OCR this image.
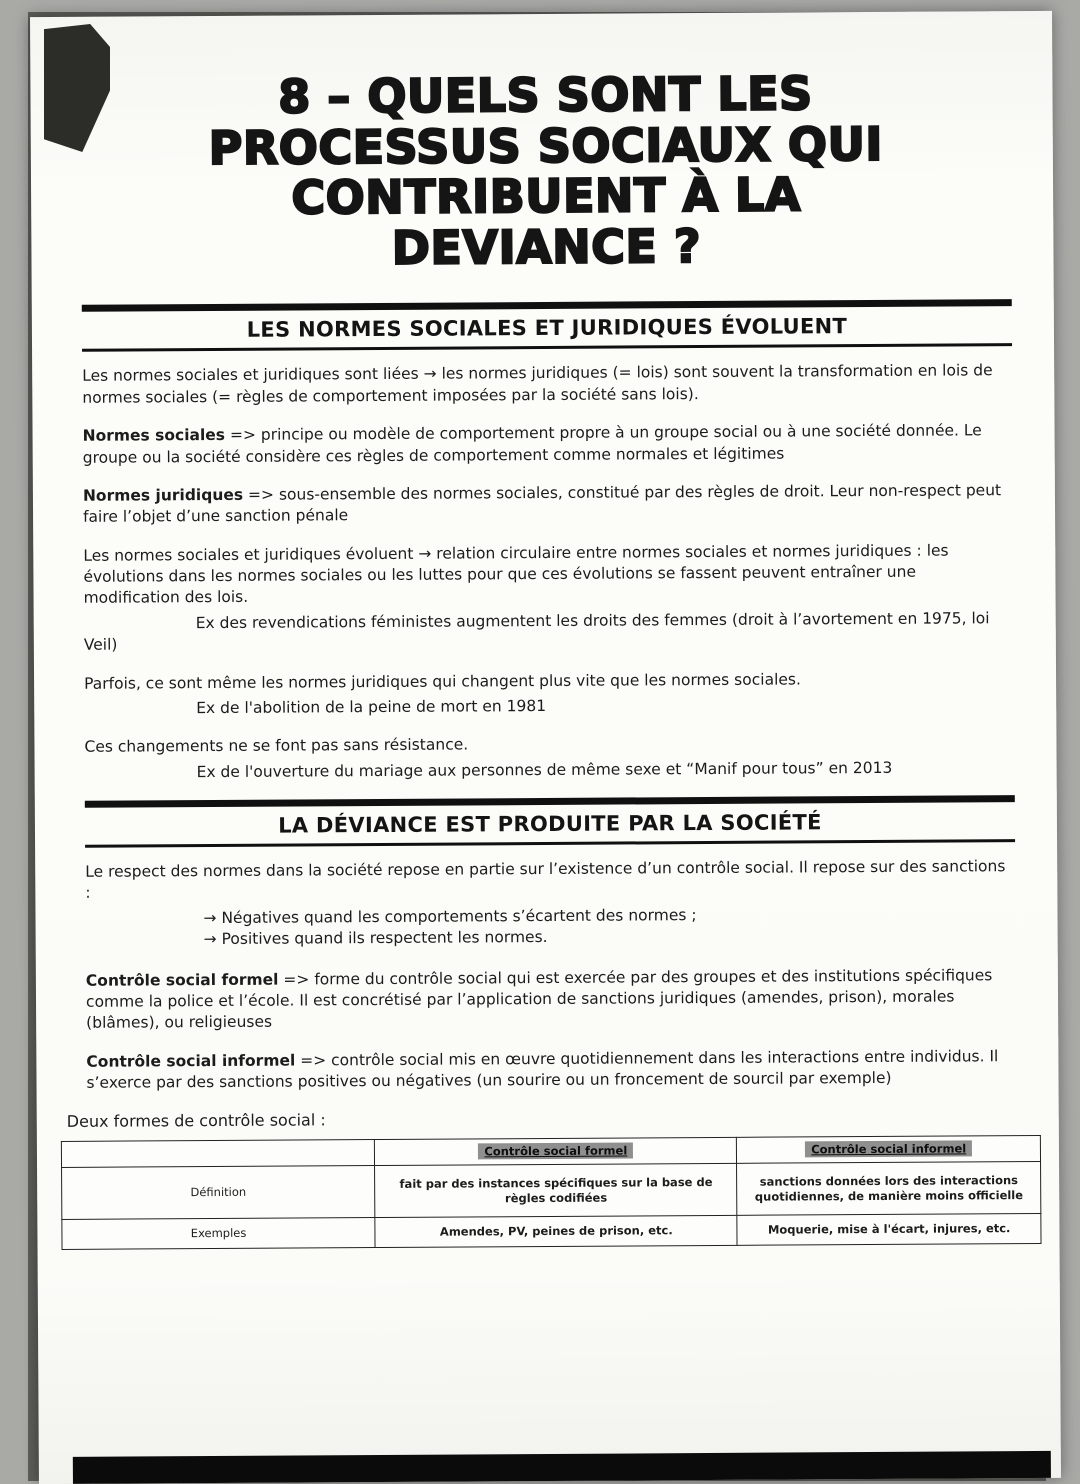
8 – QUELS SONT LES
PROCESSUS SOCIAUX QUI
CONTRIBUENT À LA
DEVIANCE ?
LES NORMES SOCIALES ET JURIDIQUES ÉVOLUENT

Les normes sociales et juridiques sont liées → les normes juridiques (= lois) sont souvent la transformation en lois de normes sociales (= règles de comportement imposées par la société sans lois).

Normes sociales => principe ou modèle de comportement propre à un groupe social ou à une société donnée. Le groupe ou la société considère ces règles de comportement comme normales et légitimes

Normes juridiques => sous-ensemble des normes sociales, constitué par des règles de droit. Leur non-respect peut faire l’objet d’une sanction pénale

Les normes sociales et juridiques évoluent → relation circulaire entre normes sociales et normes juridiques : les évolutions dans les normes sociales ou les luttes pour que ces évolutions se fassent peuvent entraîner une modification des lois.

Ex des revendications féministes augmentent les droits des femmes (droit à l’avortement en 1975, loi Veil)

Parfois, ce sont même les normes juridiques qui changent plus vite que les normes sociales.

Ex de l'abolition de la peine de mort en 1981

Ces changements ne se font pas sans résistance.

Ex de l'ouverture du mariage aux personnes de même sexe et “Manif pour tous” en 2013
LA DÉVIANCE EST PRODUITE PAR LA SOCIÉTÉ

Le respect des normes dans la société repose en partie sur l’existence d’un contrôle social. Il repose sur des sanctions :

→ Négatives quand les comportements s’écartent des normes ;
→ Positives quand ils respectent les normes.

Contrôle social formel => forme du contrôle social qui est exercée par des groupes et des institutions spécifiques comme la police et l’école. Il est concrétisé par l’application de sanctions juridiques (amendes, prison), morales (blâmes), ou religieuses

Contrôle social informel => contrôle social mis en œuvre quotidiennement dans les interactions entre individus. Il s’exerce par des sanctions positives ou négatives (un sourire ou un froncement de sourcil par exemple)

Deux formes de contrôle social :
	Contrôle social formel	Contrôle social informel
Définition	fait par des instances spécifiques sur la base de règles codifiées	sanctions données lors des interactions quotidiennes, de manière moins officielle
Exemples	Amendes, PV, peines de prison, etc.	Moquerie, mise à l'écart, injures, etc.
